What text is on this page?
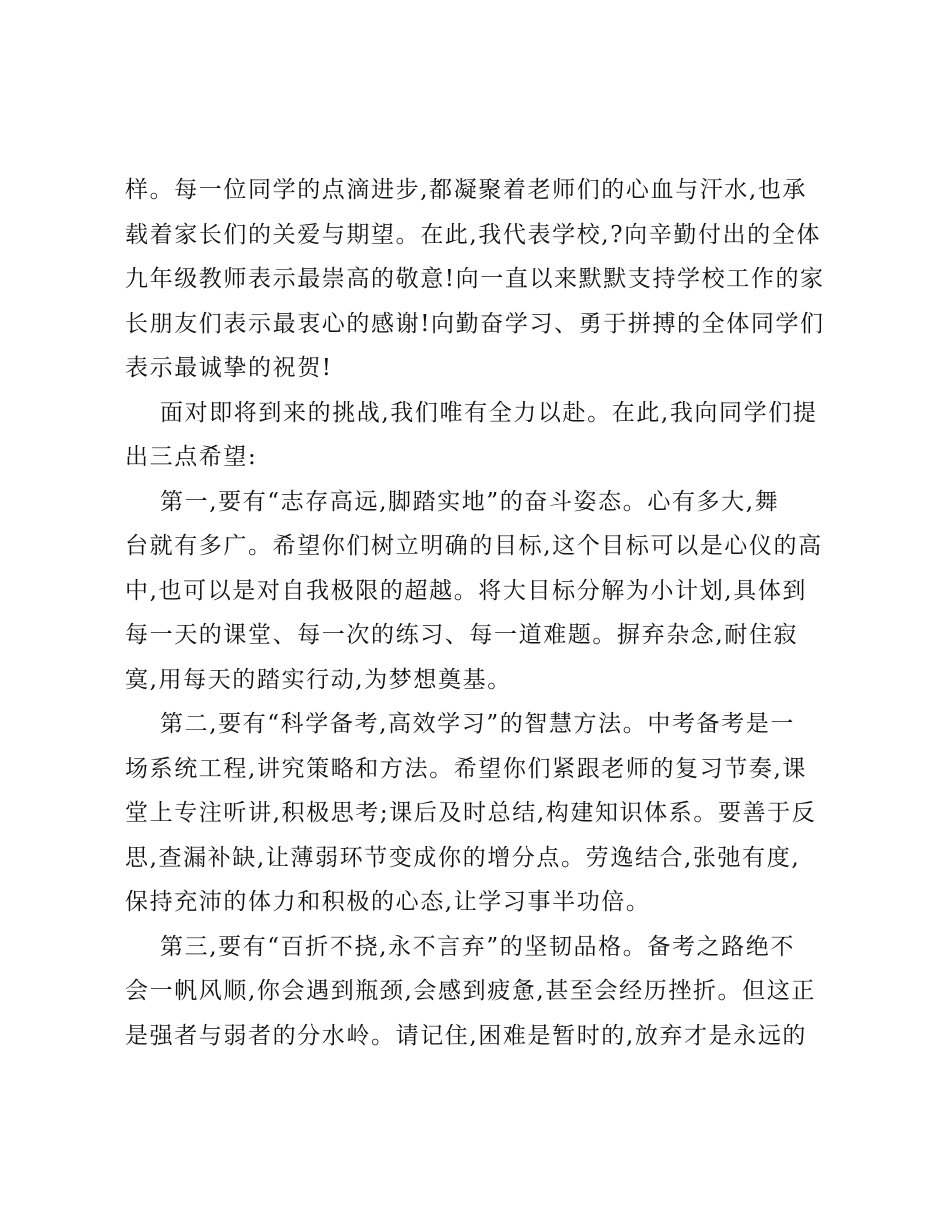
样。每一位同学的点滴进步,都凝聚着老师们的心血与汗水,也承
载着家长们的关爱与期望。在此,我代表学校,?向辛勤付出的全体
九年级教师表示最崇高的敬意!向一直以来默默支持学校工作的家
长朋友们表示最衷心的感谢!向勤奋学习、勇于拼搏的全体同学们
表示最诚挚的祝贺!
面对即将到来的挑战,我们唯有全力以赴。在此,我向同学们提
出三点希望:
第一,要有“志存高远,脚踏实地”的奋斗姿态。心有多大,舞
台就有多广。希望你们树立明确的目标,这个目标可以是心仪的高
中,也可以是对自我极限的超越。将大目标分解为小计划,具体到
每一天的课堂、每一次的练习、每一道难题。摒弃杂念,耐住寂
寞,用每天的踏实行动,为梦想奠基。
第二,要有“科学备考,高效学习”的智慧方法。中考备考是一
场系统工程,讲究策略和方法。希望你们紧跟老师的复习节奏,课
堂上专注听讲,积极思考;课后及时总结,构建知识体系。要善于反
思,查漏补缺,让薄弱环节变成你的增分点。劳逸结合,张弛有度,
保持充沛的体力和积极的心态,让学习事半功倍。
第三,要有“百折不挠,永不言弃”的坚韧品格。备考之路绝不
会一帆风顺,你会遇到瓶颈,会感到疲惫,甚至会经历挫折。但这正
是强者与弱者的分水岭。请记住,困难是暂时的,放弃才是永远的
